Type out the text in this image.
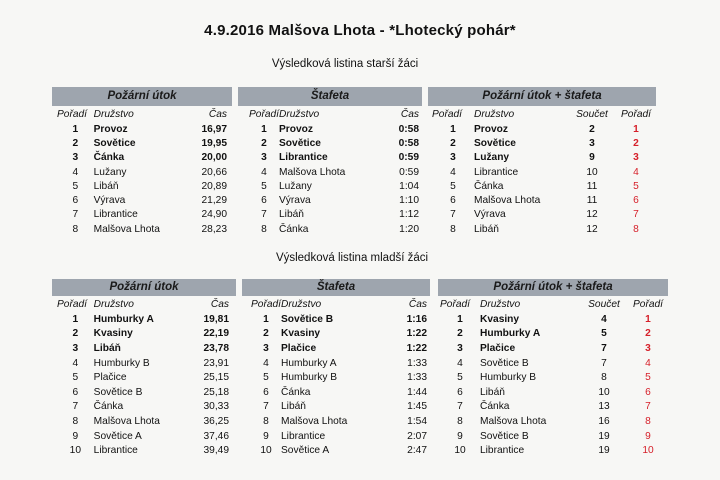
4.9.2016 Malšova Lhota - *Lhotecký pohár*
Výsledková listina starší žáci
Výsledková listina mladší žáci
Požární útok
Pořadí	Družstvo	Čas
1	Provoz	16,97
2	Sovětice	19,95
3	Čánka	20,00
4	Lužany	20,66
5	Libáň	20,89
6	Výrava	21,29
7	Librantice	24,90
8	Malšova Lhota	28,23
Štafeta
Pořadí	Družstvo	Čas
1	Provoz	0:58
2	Sovětice	0:58
3	Librantice	0:59
4	Malšova Lhota	0:59
5	Lužany	1:04
6	Výrava	1:10
7	Libáň	1:12
8	Čánka	1:20
Požární útok + štafeta
Pořadí	Družstvo	Součet	Pořadí
1	Provoz	2	1
2	Sovětice	3	2
3	Lužany	9	3
4	Librantice	10	4
5	Čánka	11	5
6	Malšova Lhota	11	6
7	Výrava	12	7
8	Libáň	12	8
Požární útok
Pořadí	Družstvo	Čas
1	Humburky A	19,81
2	Kvasiny	22,19
3	Libáň	23,78
4	Humburky B	23,91
5	Plačice	25,15
6	Sovětice B	25,18
7	Čánka	30,33
8	Malšova Lhota	36,25
9	Sovětice A	37,46
10	Librantice	39,49
Štafeta
Pořadí	Družstvo	Čas
1	Sovětice B	1:16
2	Kvasiny	1:22
3	Plačice	1:22
4	Humburky A	1:33
5	Humburky B	1:33
6	Čánka	1:44
7	Libáň	1:45
8	Malšova Lhota	1:54
9	Librantice	2:07
10	Sovětice A	2:47
Požární útok + štafeta
Pořadí	Družstvo	Součet	Pořadí
1	Kvasiny	4	1
2	Humburky A	5	2
3	Plačice	7	3
4	Sovětice B	7	4
5	Humburky B	8	5
6	Libáň	10	6
7	Čánka	13	7
8	Malšova Lhota	16	8
9	Sovětice B	19	9
10	Librantice	19	10
